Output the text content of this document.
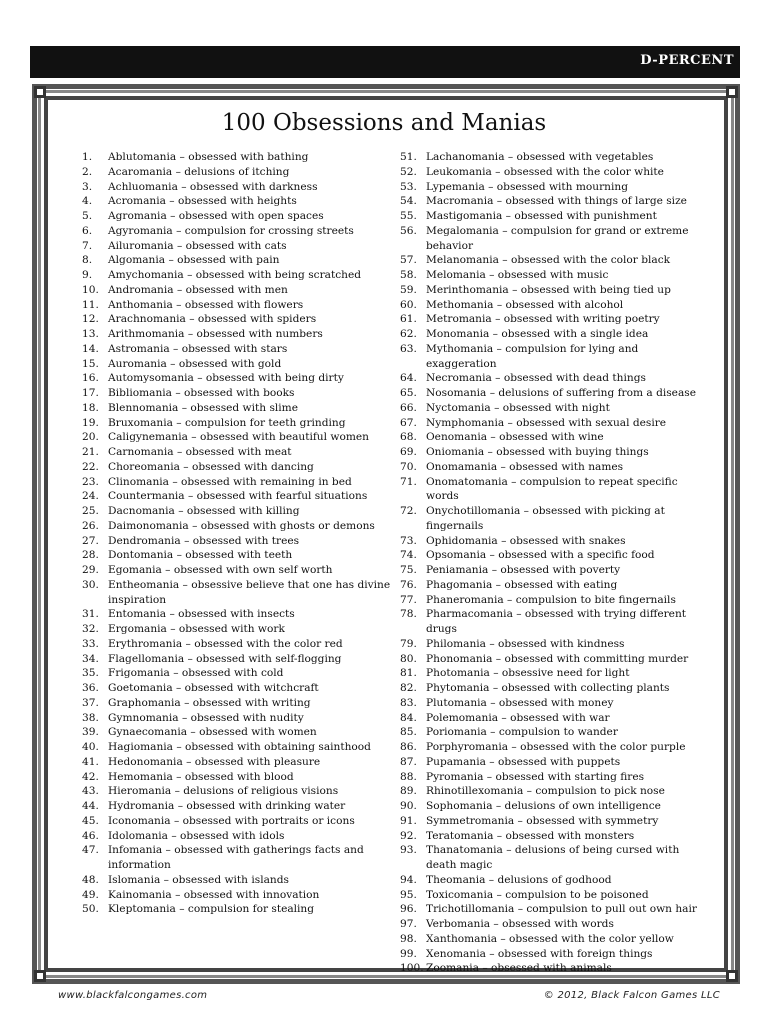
D-PERCENT
100 Obsessions and Manias
1.	Ablutomania – obsessed with bathing
2.	Acaromania – delusions of itching
3.	Achluomania – obsessed with darkness
4.	Acromania – obsessed with heights
5.	Agromania – obsessed with open spaces
6.	Agyromania – compulsion for crossing streets
7.	Ailuromania – obsessed with cats
8.	Algomania – obsessed with pain
9.	Amychomania – obsessed with being scratched
10. Andromania – obsessed with men
11. Anthomania – obsessed with flowers
12. Arachnomania – obsessed with spiders
13. Arithmomania – obsessed with numbers
14. Astromania – obsessed with stars
15. Auromania – obsessed with gold
16. Automysomania – obsessed with being dirty
17. Bibliomania – obsessed with books
18. Blennomania – obsessed with slime
19. Bruxomania – compulsion for teeth grinding
20. Caligynemania – obsessed with beautiful women
21. Carnomania – obsessed with meat
22. Choreomania – obsessed with dancing
23. Clinomania – obsessed with remaining in bed
24. Countermania – obsessed with fearful situations
25. Dacnomania – obsessed with killing
26. Daimonomania – obsessed with ghosts or demons
27. Dendromania – obsessed with trees
28. Dontomania – obsessed with teeth
29. Egomania – obsessed with own self worth
30. Entheomania – obsessive believe that one has divine inspiration
31. Entomania – obsessed with insects
32. Ergomania – obsessed with work
33. Erythromania – obsessed with the color red
34. Flagellomania – obsessed with self-flogging
35. Frigomania – obsessed with cold
36. Goetomania – obsessed with witchcraft
37. Graphomania – obsessed with writing
38. Gymnomania – obsessed with nudity
39. Gynaecomania – obsessed with women
40. Hagiomania – obsessed with obtaining sainthood
41. Hedonomania – obsessed with pleasure
42. Hemomania – obsessed with blood
43. Hieromania – delusions of religious visions
44. Hydromania – obsessed with drinking water
45. Iconomania – obsessed with portraits or icons
46. Idolomania – obsessed with idols
47. Infomania – obsessed with gatherings facts and information
48. Islomania – obsessed with islands
49. Kainomania – obsessed with innovation
50. Kleptomania – compulsion for stealing
51. Lachanomania – obsessed with vegetables
52. Leukomania – obsessed with the color white
53. Lypemania – obsessed with mourning
54. Macromania – obsessed with things of large size
55. Mastigomania – obsessed with punishment
56. Megalomania – compulsion for grand or extreme behavior
57. Melanomania – obsessed with the color black
58. Melomania – obsessed with music
59. Merinthomania – obsessed with being tied up
60. Methomania – obsessed with alcohol
61. Metromania – obsessed with writing poetry
62. Monomania – obsessed with a single idea
63. Mythomania – compulsion for lying and exaggeration
64. Necromania – obsessed with dead things
65. Nosomania – delusions of suffering from a disease
66. Nyctomania – obsessed with night
67. Nymphomania – obsessed with sexual desire
68. Oenomania – obsessed with wine
69. Oniomania – obsessed with buying things
70. Onomamania – obsessed with names
71. Onomatomania – compulsion to repeat specific words
72. Onychotillomania – obsessed with picking at fingernails
73. Ophidomania – obsessed with snakes
74. Opsomania – obsessed with a specific food
75. Peniamania – obsessed with poverty
76. Phagomania – obsessed with eating
77. Phaneromania – compulsion to bite fingernails
78. Pharmacomania – obsessed with trying different drugs
79. Philomania – obsessed with kindness
80. Phonomania – obsessed with committing murder
81. Photomania – obsessive need for light
82. Phytomania – obsessed with collecting plants
83. Plutomania – obsessed with money
84. Polemomania – obsessed with war
85. Poriomania – compulsion to wander
86. Porphyromania – obsessed with the color purple
87. Pupamania – obsessed with puppets
88. Pyromania – obsessed with starting fires
89. Rhinotillexomania – compulsion to pick nose
90. Sophomania – delusions of own intelligence
91. Symmetromania – obsessed with symmetry
92. Teratomania – obsessed with monsters
93. Thanatomania – delusions of being cursed with death magic
94. Theomania – delusions of godhood
95. Toxicomania – compulsion to be poisoned
96. Trichotillomania – compulsion to pull out own hair
97. Verbomania – obsessed with words
98. Xanthomania – obsessed with the color yellow
99. Xenomania – obsessed with foreign things
100. Zoomania – obsessed with animals
www.blackfalcongames.com	© 2012, Black Falcon Games LLC
